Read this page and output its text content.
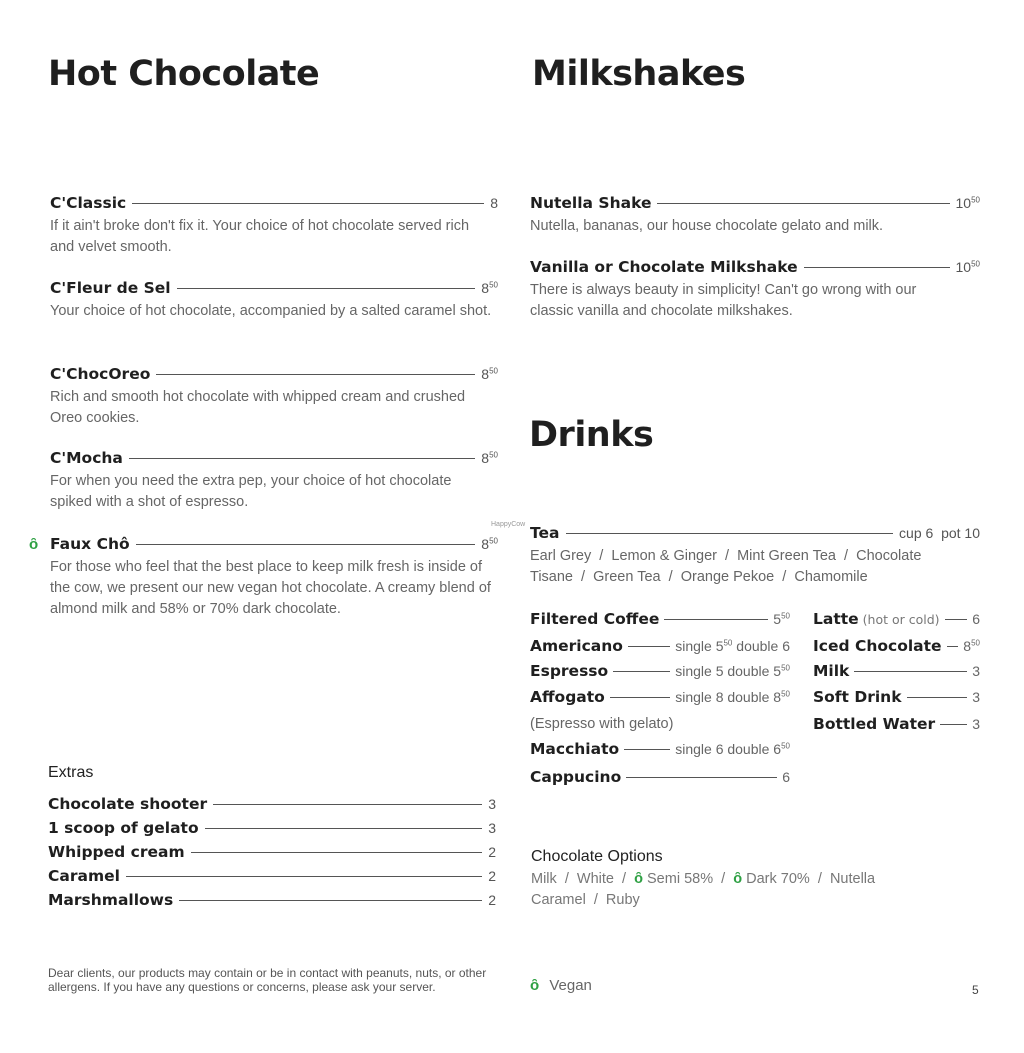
Hot Chocolate
C'Classic	8
If it ain't broke don't fix it. Your choice of hot chocolate served rich and velvet smooth.
C'Fleur de Sel	$8^{50}$
Your choice of hot chocolate, accompanied by a salted caramel shot.
C'ChocOreo	$8^{50}$
Rich and smooth hot chocolate with whipped cream and crushed Oreo cookies.
C'Mocha	$8^{50}$
For when you need the extra pep, your choice of hot chocolate spiked with a shot of espresso.
ȏ Faux Chô	$8^{50}$
For those who feel that the best place to keep milk fresh is inside of the cow, we present our new vegan hot chocolate. A creamy blend of almond milk and 58% or 70% dark chocolate.
Extras
Chocolate shooter	3
1 scoop of gelato	3
Whipped cream	2
Caramel	2
Marshmallows	2
Dear clients, our products may contain or be in contact with peanuts, nuts, or other allergens. If you have any questions or concerns, please ask your server.
Milkshakes
Nutella Shake	$10^{50}$
Nutella, bananas, our house chocolate gelato and milk.
Vanilla or Chocolate Milkshake	$10^{50}$
There is always beauty in simplicity! Can't go wrong with our classic vanilla and chocolate milkshakes.
Drinks
HappyCow Tea	cup 6  pot 10
Earl Grey  /  Lemon & Ginger  /  Mint Green Tea  /  Chocolate Tisane  /  Green Tea  /  Orange Pekoe  /  Chamomile
Filtered Coffee	$5^{50}$
Americano	single $5^{50}$ double 6
Espresso	single 5 double $5^{50}$
Affogato	single 8 double $8^{50}$
(Espresso with gelato)
Macchiato	single 6 double $6^{50}$
Cappucino	6
Latte (hot or cold) 6
Iced Chocolate $8^{50}$
Milk	3
Soft Drink	3
Bottled Water	3
Chocolate Options
Milk  /  White  /  ȏ Semi 58%  /  ȏ Dark 70%  /  Nutella
Caramel  /  Ruby
ȏ Vegan	5
